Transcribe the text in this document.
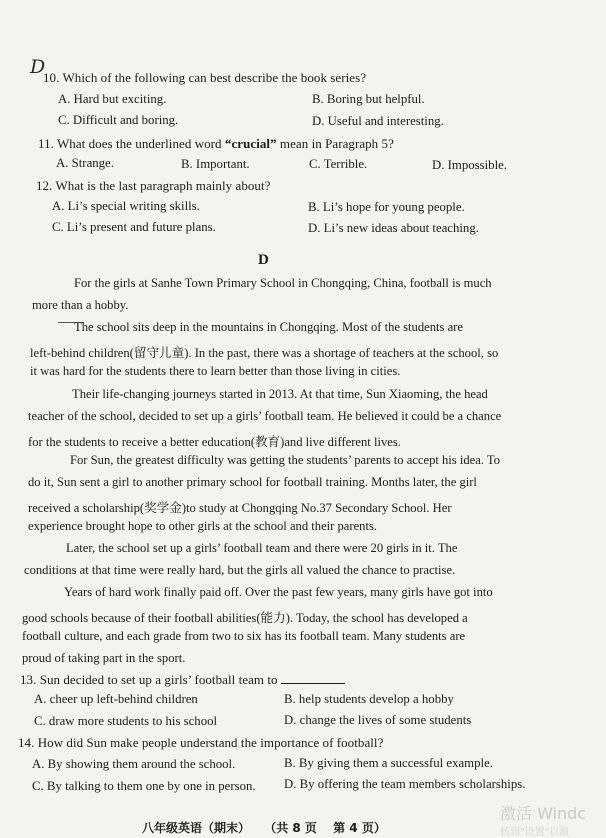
D
10. Which of the following can best describe the book series?
A. Hard but exciting.	B. Boring but helpful.
C. Difficult and boring.	D. Useful and interesting.
11. What does the underlined word “crucial” mean in Paragraph 5?
A. Strange.	B. Important.	C. Terrible.	D. Impossible.
12. What is the last paragraph mainly about?
A. Li’s special writing skills.	B. Li’s hope for young people.
C. Li’s present and future plans.	D. Li’s new ideas about teaching.
D
For the girls at Sanhe Town Primary School in Chongqing, China, football is much
more than a hobby.
The school sits deep in the mountains in Chongqing. Most of the students are
left-behind children(留守儿童). In the past, there was a shortage of teachers at the school, so
it was hard for the students there to learn better than those living in cities.
Their life-changing journeys started in 2013. At that time, Sun Xiaoming, the head
teacher of the school, decided to set up a girls’ football team. He believed it could be a chance
for the students to receive a better education(教育)and live different lives.
For Sun, the greatest difficulty was getting the students’ parents to accept his idea. To
do it, Sun sent a girl to another primary school for football training. Months later, the girl
received a scholarship(奖学金)to study at Chongqing No.37 Secondary School. Her
experience brought hope to other girls at the school and their parents.
Later, the school set up a girls’ football team and there were 20 girls in it. The
conditions at that time were really hard, but the girls all valued the chance to practise.
Years of hard work finally paid off. Over the past few years, many girls have got into
good schools because of their football abilities(能力). Today, the school has developed a
football culture, and each grade from two to six has its football team. Many students are
proud of taking part in the sport.
13. Sun decided to set up a girls’ football team to
A. cheer up left-behind children	B. help students develop a hobby
C. draw more students to his school	D. change the lives of some students
14. How did Sun make people understand the importance of football?
A. By showing them around the school.	B. By giving them a successful example.
C. By talking to them one by one in person. D. By offering the team members scholarships.
八年级英语（期末） （共 8 页 第 4 页）
激活 Windc
转到"设置"以激
